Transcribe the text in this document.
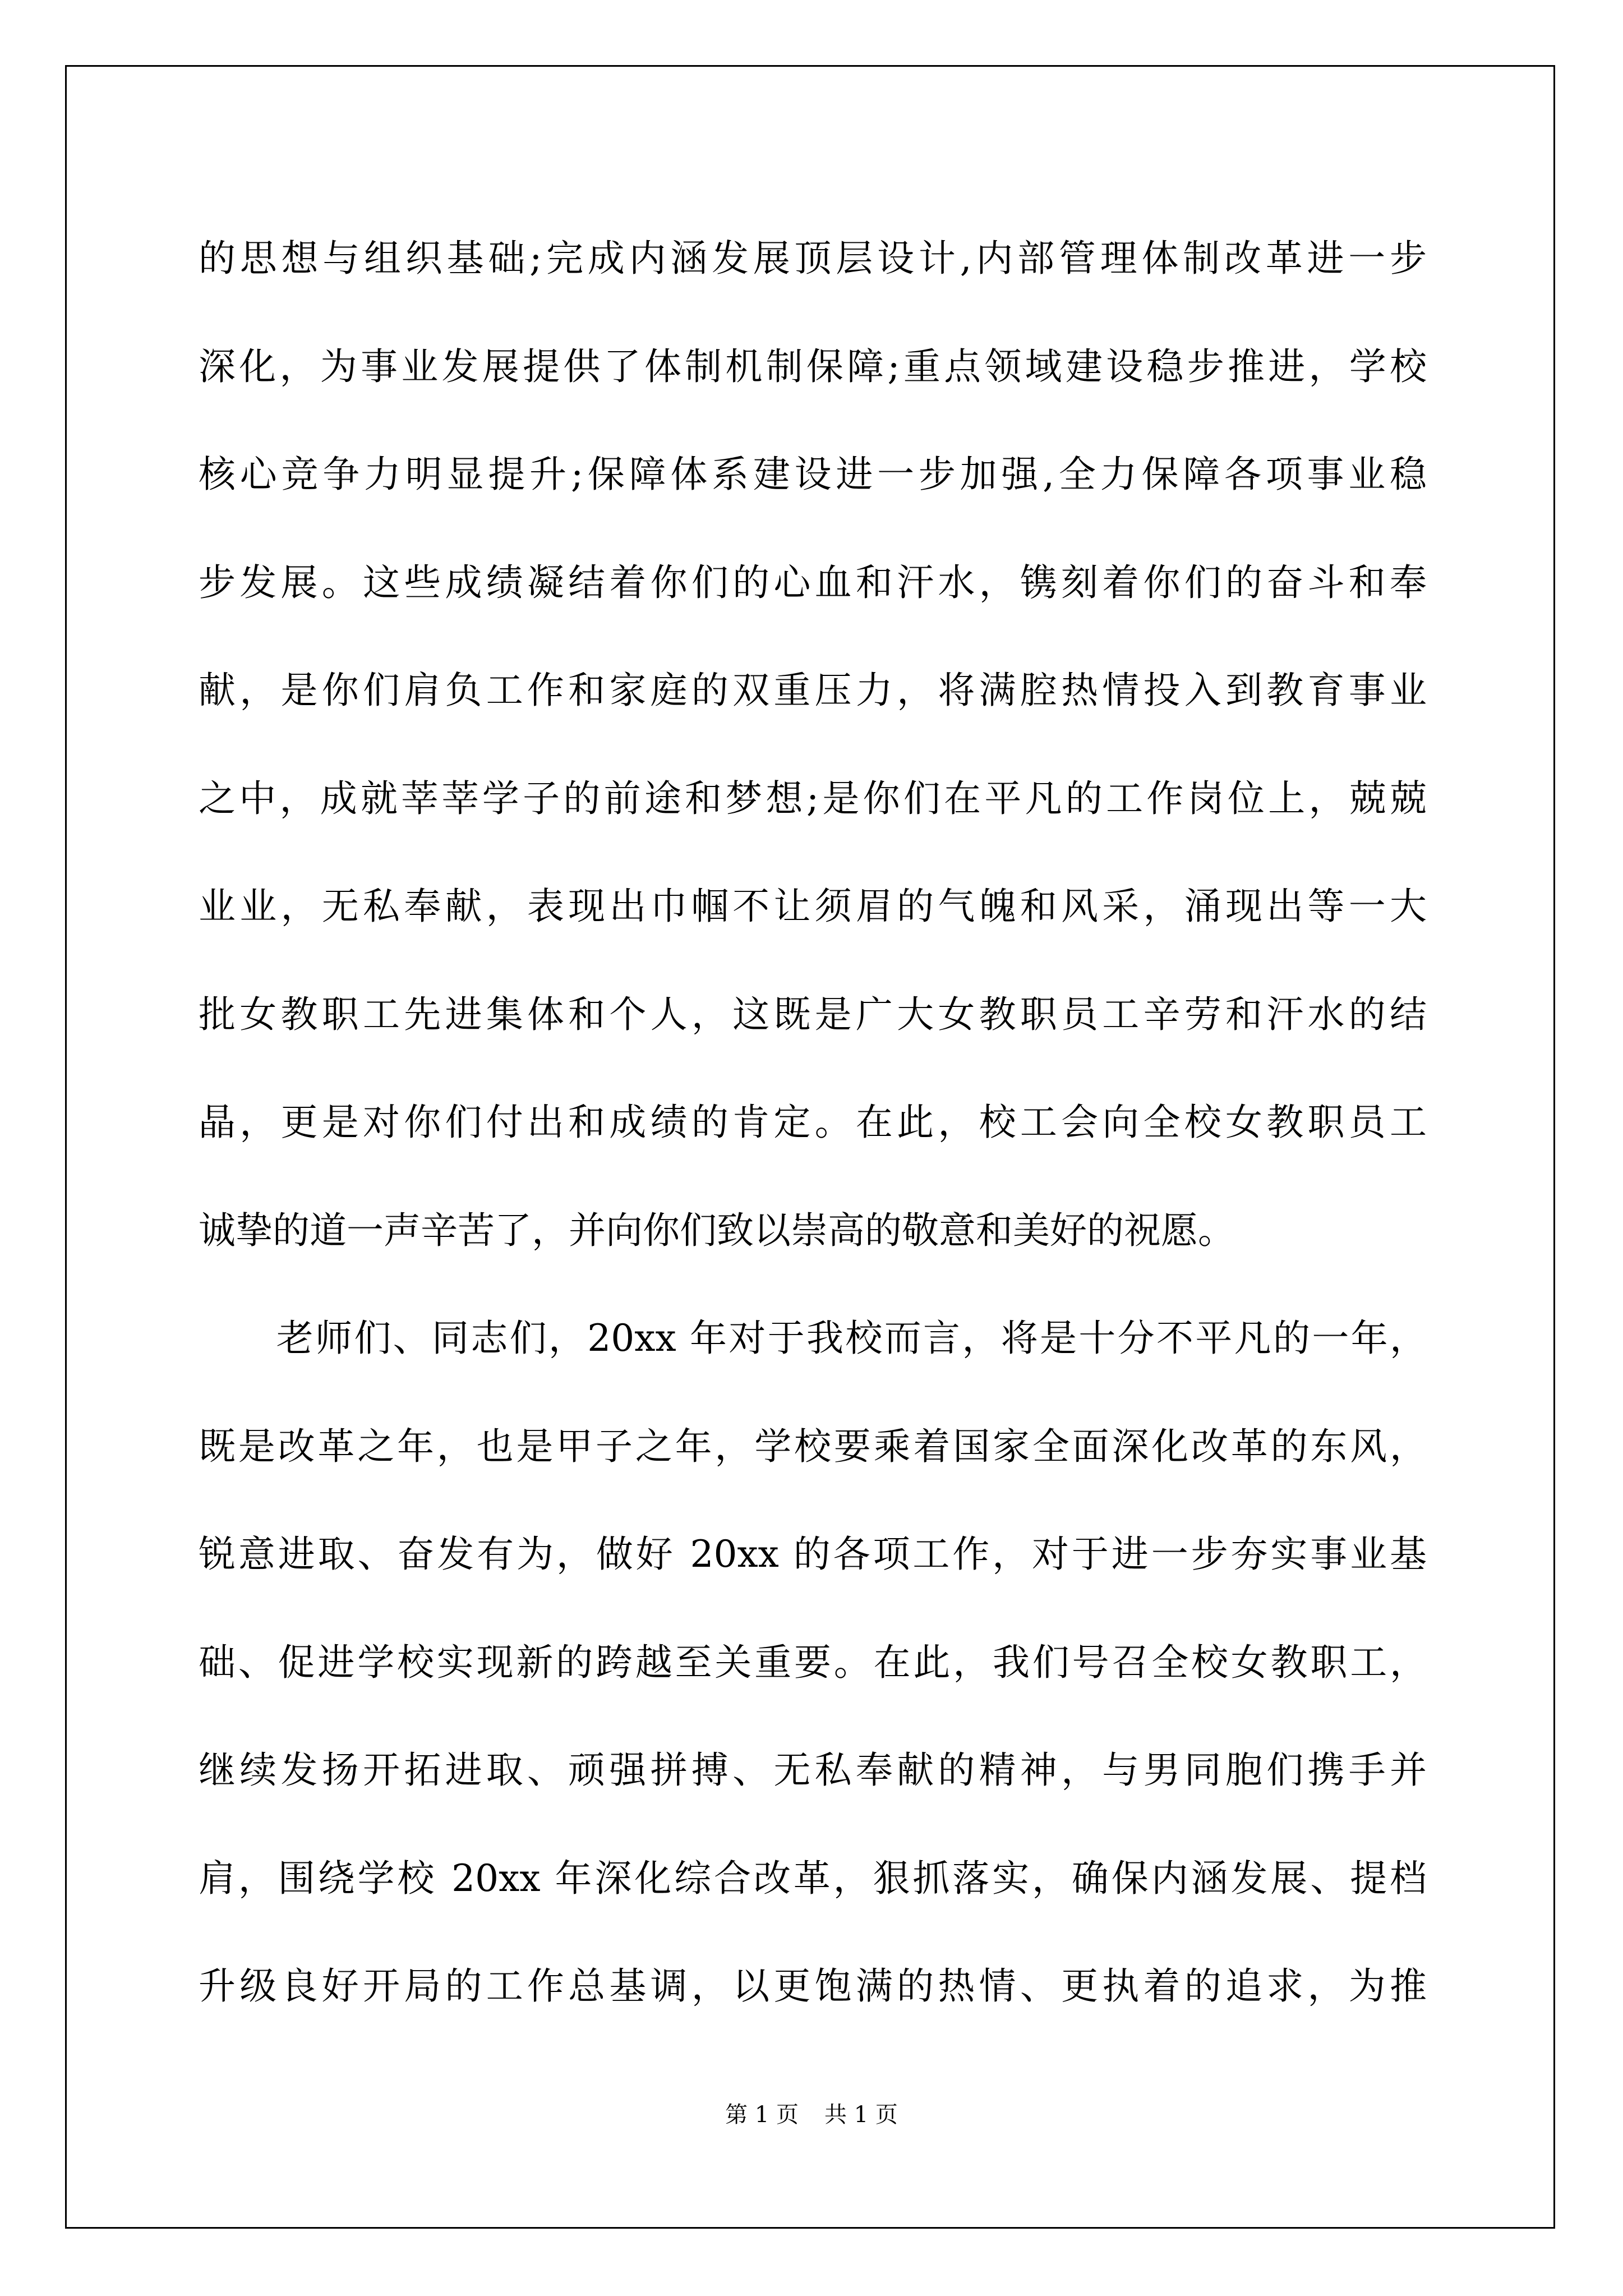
的思想与组织基础;完成内涵发展顶层设计,内部管理体制改革进一步
深化，为事业发展提供了体制机制保障;重点领域建设稳步推进，学校
核心竞争力明显提升;保障体系建设进一步加强,全力保障各项事业稳
步发展。这些成绩凝结着你们的心血和汗水，镌刻着你们的奋斗和奉
献，是你们肩负工作和家庭的双重压力，将满腔热情投入到教育事业
之中，成就莘莘学子的前途和梦想;是你们在平凡的工作岗位上，兢兢
业业，无私奉献，表现出巾帼不让须眉的气魄和风采，涌现出等一大
批女教职工先进集体和个人，这既是广大女教职员工辛劳和汗水的结
晶，更是对你们付出和成绩的肯定。在此，校工会向全校女教职员工
诚挚的道一声辛苦了，并向你们致以崇高的敬意和美好的祝愿。
　　老师们、同志们，20xx 年对于我校而言，将是十分不平凡的一年，
既是改革之年，也是甲子之年，学校要乘着国家全面深化改革的东风，
锐意进取、奋发有为，做好 20xx 的各项工作，对于进一步夯实事业基
础、促进学校实现新的跨越至关重要。在此，我们号召全校女教职工，
继续发扬开拓进取、顽强拼搏、无私奉献的精神，与男同胞们携手并
肩，围绕学校 20xx 年深化综合改革，狠抓落实，确保内涵发展、提档
升级良好开局的工作总基调，以更饱满的热情、更执着的追求，为推
第 1 页 共 1 页
